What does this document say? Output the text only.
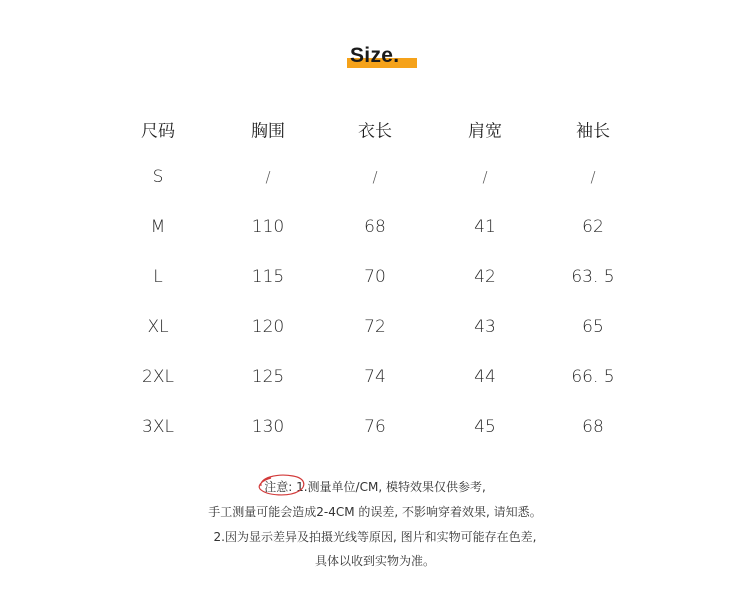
Size.
尺码	胸围	衣长	肩宽	袖长
S	/	/	/	/
M	110	68	41	62
L	115	70	42	63. 5
XL	120	72	43	65
2XL	125	74	44	66. 5
3XL	130	76	45	68
注意: 1.测量单位/CM, 模特效果仅供参考,
手工测量可能会造成2-4CM 的误差, 不影响穿着效果, 请知悉。
2.因为显示差异及拍摄光线等原因, 图片和实物可能存在色差,
具体以收到实物为准。
